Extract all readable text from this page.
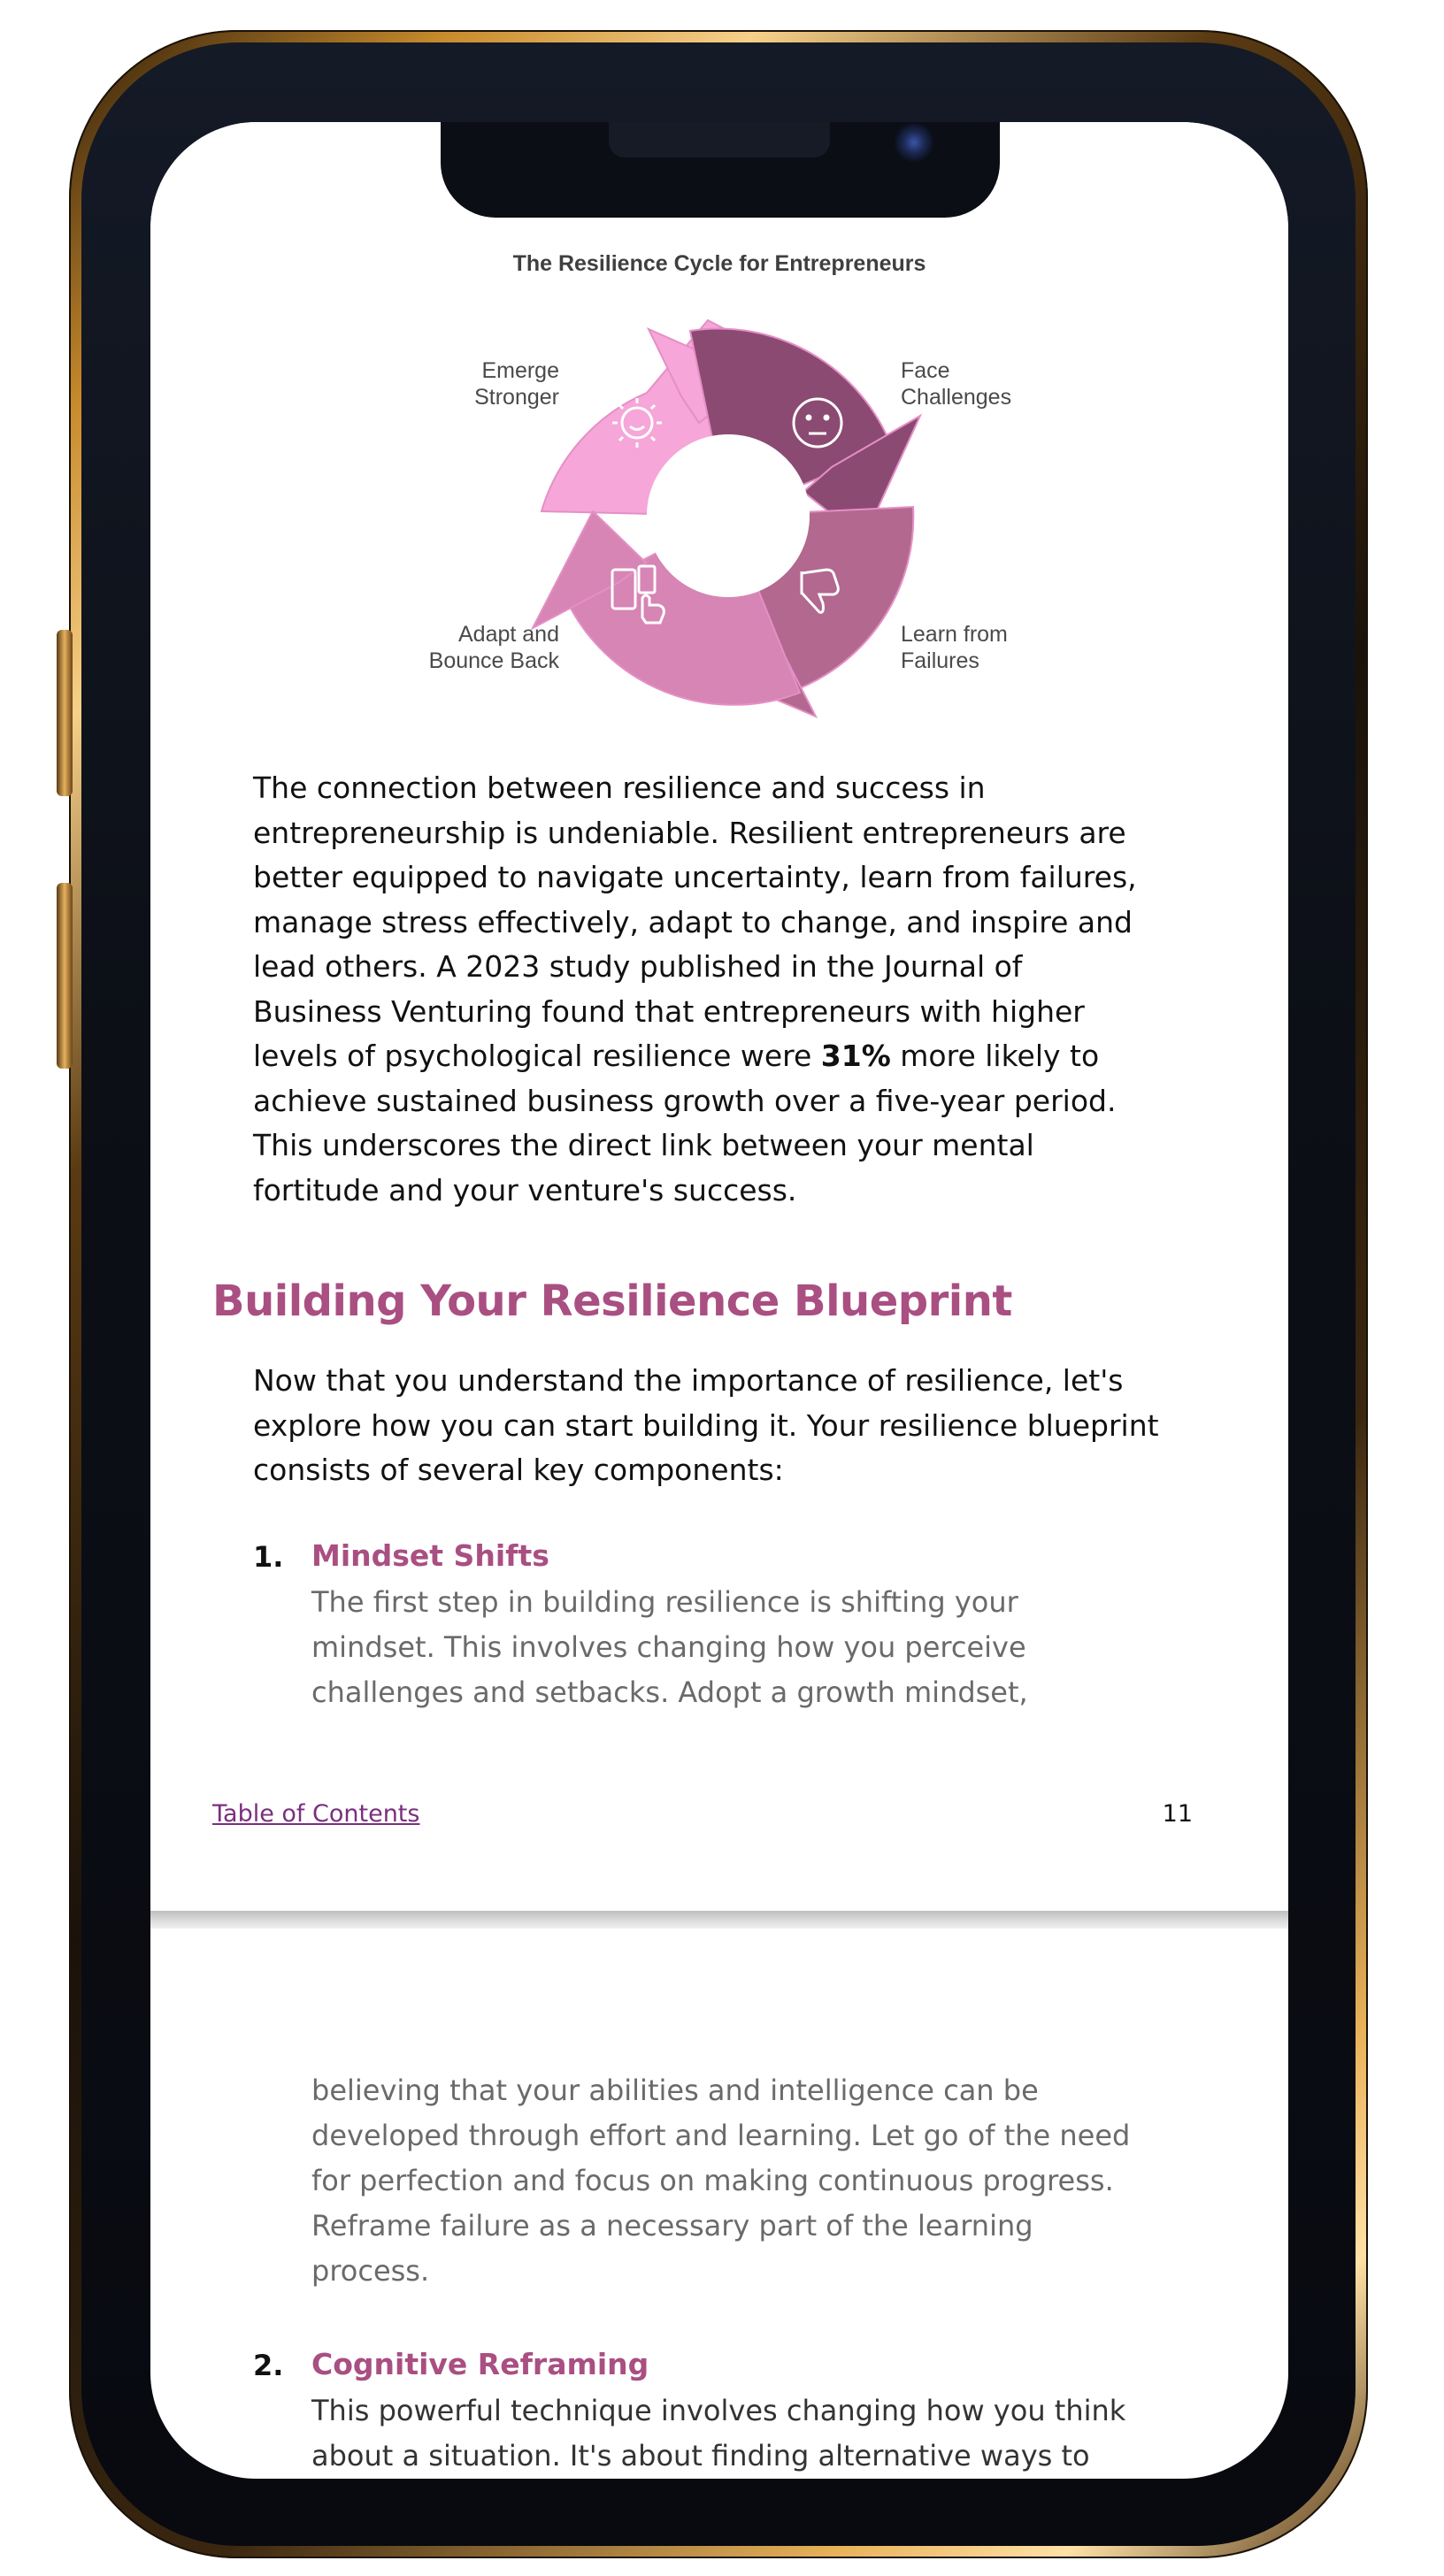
The Resilience Cycle for Entrepreneurs
Emerge
Stronger
Face
Challenges
Adapt and
Bounce Back
Learn from
Failures
The connection between resilience and success in
entrepreneurship is undeniable. Resilient entrepreneurs are
better equipped to navigate uncertainty, learn from failures,
manage stress effectively, adapt to change, and inspire and
lead others. A 2023 study published in the Journal of
Business Venturing found that entrepreneurs with higher
levels of psychological resilience were 31% more likely to
achieve sustained business growth over a five-year period.
This underscores the direct link between your mental
fortitude and your venture's success.
Building Your Resilience Blueprint
Now that you understand the importance of resilience, let's
explore how you can start building it. Your resilience blueprint
consists of several key components:
1. Mindset Shifts
The first step in building resilience is shifting your
mindset. This involves changing how you perceive
challenges and setbacks. Adopt a growth mindset,
Table of Contents	11
believing that your abilities and intelligence can be
developed through effort and learning. Let go of the need
for perfection and focus on making continuous progress.
Reframe failure as a necessary part of the learning
process.
2. Cognitive Reframing
This powerful technique involves changing how you think
about a situation. It's about finding alternative ways to
